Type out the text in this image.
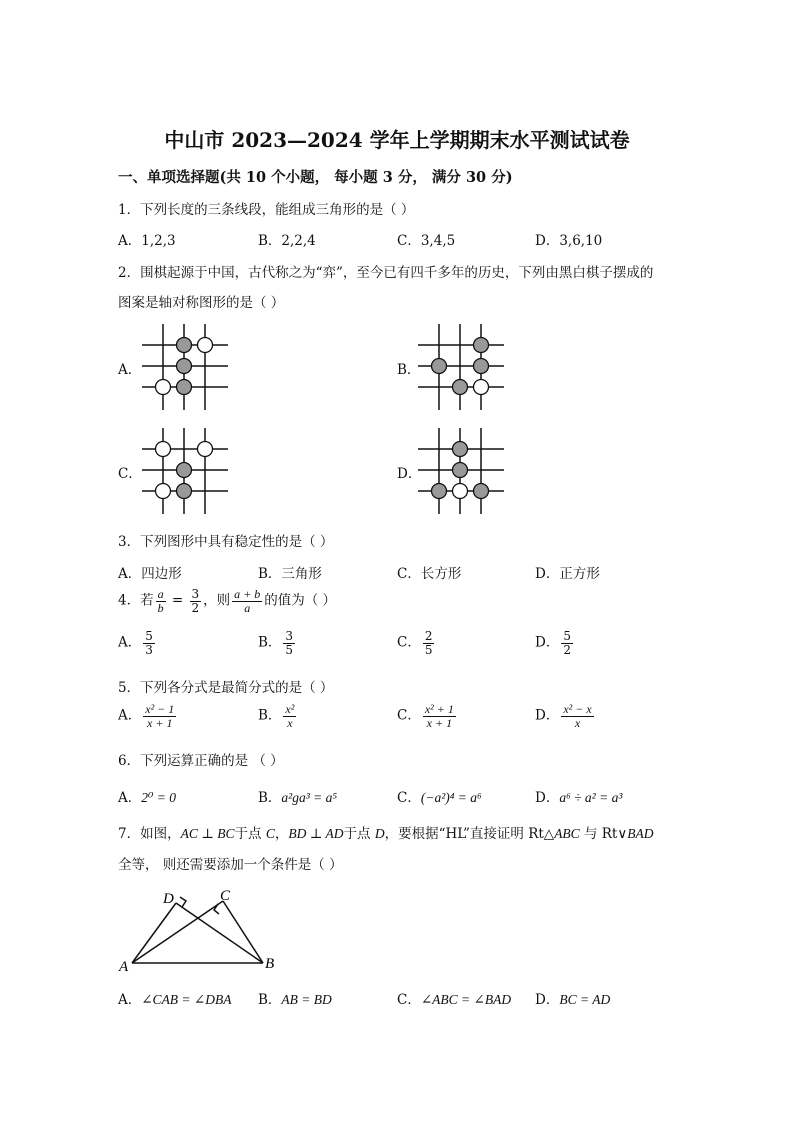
中山市 2023—2024 学年上学期期末水平测试试卷
一、单项选择题(共 10 个小题， 每小题 3 分， 满分 30 分)
1．下列长度的三条线段，能组成三角形的是（ ）
A．1,2,3	B．2,2,4	C．3,4,5	D．3,6,10
2．围棋起源于中国，古代称之为“弈”，至今已有四千多年的历史，下列由黑白棋子摆成的
图案是轴对称图形的是（ ）
A．	B．
C．	D．
3．下列图形中具有稳定性的是（ ）
A．四边形	B．三角形	C．长方形	D．正方形
4．若 $\frac{a}{b} = \frac{3}{2}$ ，则 $\frac{a + b}{a}$ 的值为（ ）
A． $\frac{5}{3}$	B． $\frac{3}{5}$	C． $\frac{2}{5}$	D． $\frac{5}{2}$
5．下列各分式是最简分式的是（ ）
A． $\frac{\text{x² − 1}}{x + 1}$	B． $\frac{\text{x²}}{x}$	C． $\frac{\text{x² + 1}}{x + 1}$	D． $\frac{\text{x² − x}}{x}$
6．下列运算正确的是 （ ）
A．2⁰ = 0	B．a²ga³ = a⁵	C．(−a²)⁴ = a⁶	D．a⁶ ÷ a² = a³
7．如图，AC ⊥ BC于点 C，BD ⊥ AD于点 D，要根据“HL”直接证明 Rt△ABC 与 Rt∨BAD
全等， 则还需要添加一个条件是（ ）
A	B
C
D
A．∠CAB = ∠DBA B．AB = BD	C．∠ABC = ∠BAD D．BC = AD
